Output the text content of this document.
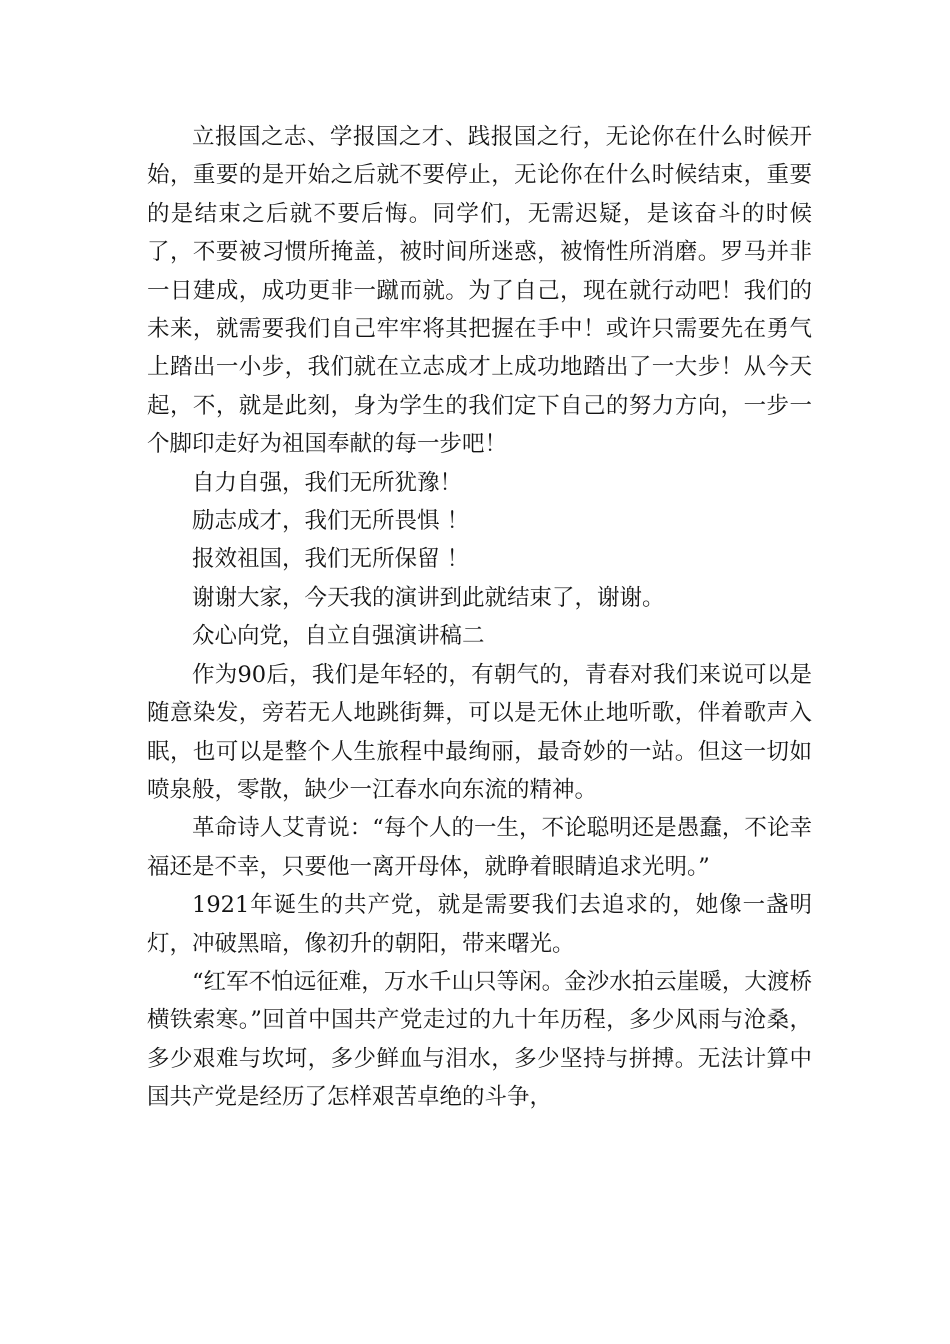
立报国之志、学报国之才、践报国之行，无论你在什么时候开始，重要的是开始之后就不要停止，无论你在什么时候结束，重要的是结束之后就不要后悔。同学们，无需迟疑，是该奋斗的时候了，不要被习惯所掩盖，被时间所迷惑，被惰性所消磨。罗马并非一日建成，成功更非一蹴而就。为了自己，现在就行动吧！我们的未来，就需要我们自己牢牢将其把握在手中！或许只需要先在勇气上踏出一小步，我们就在立志成才上成功地踏出了一大步！从今天起，不，就是此刻，身为学生的我们定下自己的努力方向，一步一个脚印走好为祖国奉献的每一步吧！

自力自强，我们无所犹豫！

励志成才，我们无所畏惧 ！

报效祖国，我们无所保留 ！

谢谢大家，今天我的演讲到此就结束了，谢谢。

众心向党，自立自强演讲稿二

作为90后，我们是年轻的，有朝气的，青春对我们来说可以是随意染发，旁若无人地跳街舞，可以是无休止地听歌，伴着歌声入眠，也可以是整个人生旅程中最绚丽，最奇妙的一站。但这一切如喷泉般，零散，缺少一江春水向东流的精神。

革命诗人艾青说：“每个人的一生，不论聪明还是愚蠢，不论幸福还是不幸，只要他一离开母体，就睁着眼睛追求光明。”

1921年诞生的共产党，就是需要我们去追求的，她像一盏明灯，冲破黑暗，像初升的朝阳，带来曙光。

“红军不怕远征难，万水千山只等闲。金沙水拍云崖暖，大渡桥横铁索寒。”回首中国共产党走过的九十年历程，多少风雨与沧桑，多少艰难与坎坷，多少鲜血与泪水，多少坚持与拼搏。无法计算中国共产党是经历了怎样艰苦卓绝的斗争，
